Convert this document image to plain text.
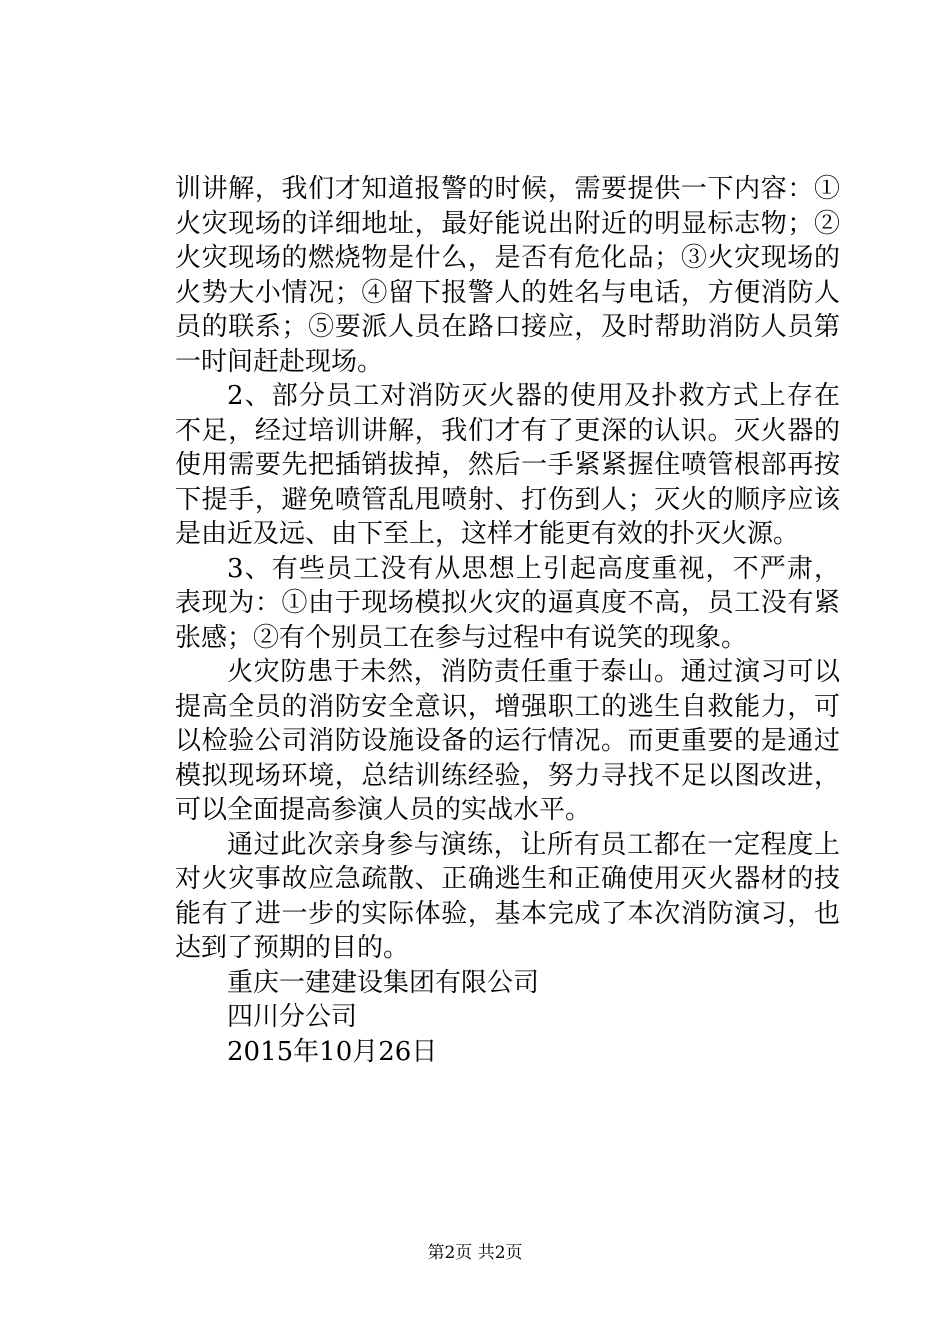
训讲解，我们才知道报警的时候，需要提供一下内容：①火灾现场的详细地址，最好能说出附近的明显标志物；②火灾现场的燃烧物是什么，是否有危化品；③火灾现场的火势大小情况；④留下报警人的姓名与电话，方便消防人员的联系；⑤要派人员在路口接应，及时帮助消防人员第一时间赶赴现场。

2、部分员工对消防灭火器的使用及扑救方式上存在不足，经过培训讲解，我们才有了更深的认识。灭火器的使用需要先把插销拔掉，然后一手紧紧握住喷管根部再按下提手，避免喷管乱甩喷射、打伤到人；灭火的顺序应该是由近及远、由下至上，这样才能更有效的扑灭火源。

3、有些员工没有从思想上引起高度重视，不严肃，表现为：①由于现场模拟火灾的逼真度不高，员工没有紧张感；②有个别员工在参与过程中有说笑的现象。

火灾防患于未然，消防责任重于泰山。通过演习可以提高全员的消防安全意识，增强职工的逃生自救能力，可以检验公司消防设施设备的运行情况。而更重要的是通过模拟现场环境，总结训练经验，努力寻找不足以图改进，可以全面提高参演人员的实战水平。

通过此次亲身参与演练，让所有员工都在一定程度上对火灾事故应急疏散、正确逃生和正确使用灭火器材的技能有了进一步的实际体验，基本完成了本次消防演习，也达到了预期的目的。

重庆一建建设集团有限公司

四川分公司

2015年10月26日

第2页 共2页
